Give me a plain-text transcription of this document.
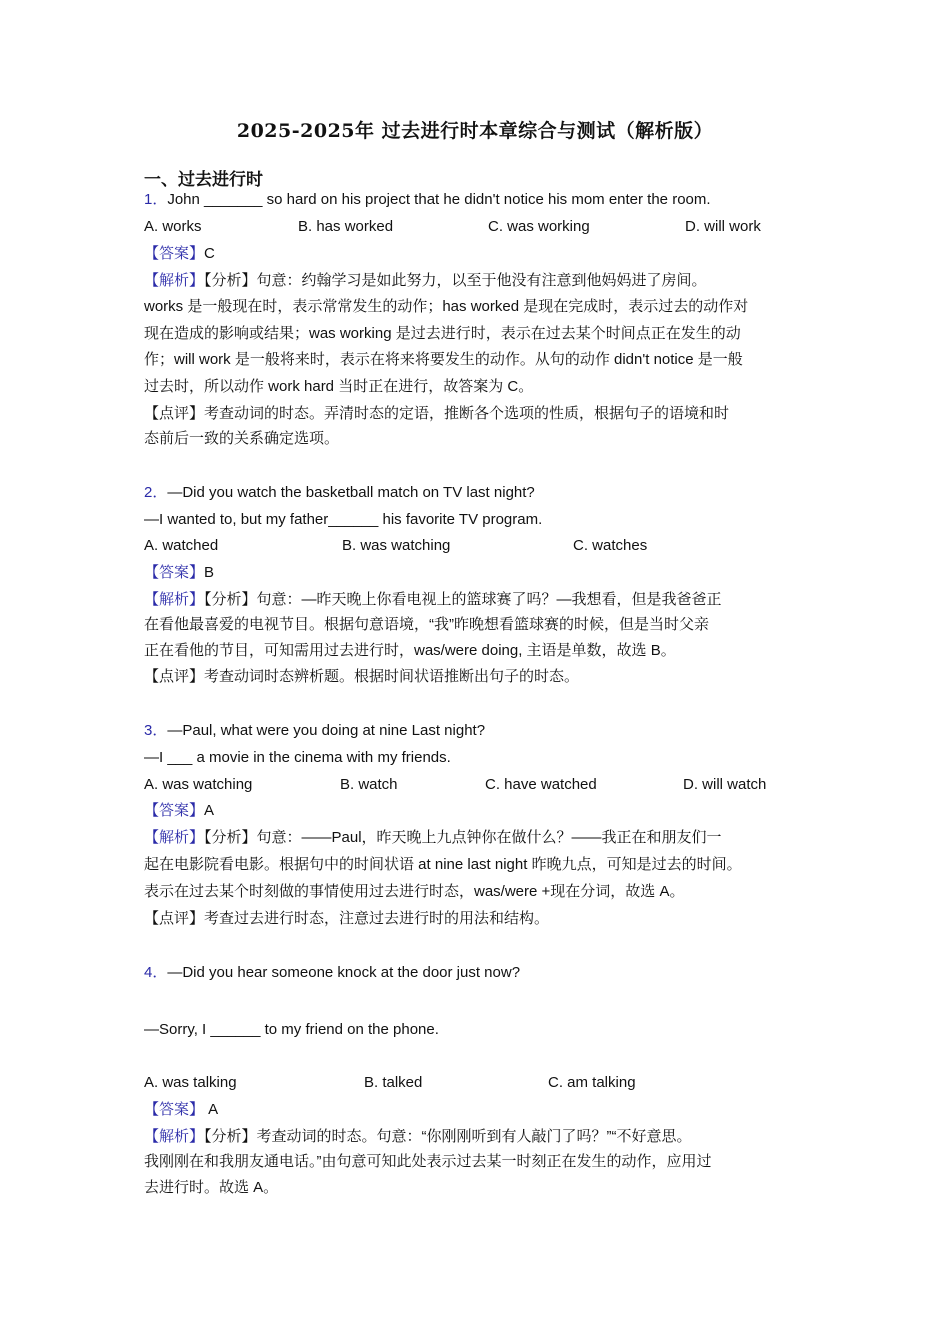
2025-2025年 过去进行时本章综合与测试（解析版）
一、过去进行时
1．John _______ so hard on his project that he didn't notice his mom enter the room.
A. works	B. has worked	C. was working	D. will work
【答案】C
【解析】【分析】句意：约翰学习是如此努力，以至于他没有注意到他妈妈进了房间。
works 是一般现在时，表示常常发生的动作；has worked 是现在完成时，表示过去的动作对
现在造成的影响或结果；was working 是过去进行时，表示在过去某个时间点正在发生的动
作；will work 是一般将来时，表示在将来将要发生的动作。从句的动作 didn't notice 是一般
过去时，所以动作 work hard 当时正在进行，故答案为 C。
【点评】考查动词的时态。弄清时态的定语，推断各个选项的性质，根据句子的语境和时
态前后一致的关系确定选项。
2．—Did you watch the basketball match on TV last night?
—I wanted to, but my father______ his favorite TV program.
A. watched	B. was watching	C. watches
【答案】B
【解析】【分析】句意：—昨天晚上你看电视上的篮球赛了吗？—我想看，但是我爸爸正
在看他最喜爱的电视节目。根据句意语境，“我”昨晚想看篮球赛的时候，但是当时父亲
正在看他的节目，可知需用过去进行时，was/were doing, 主语是单数，故选 B。
【点评】考查动词时态辨析题。根据时间状语推断出句子的时态。
3．—Paul, what were you doing at nine Last night?
—I ___ a movie in the cinema with my friends.
A. was watching	B. watch	C. have watched	D. will watch
【答案】A
【解析】【分析】句意：——Paul，昨天晚上九点钟你在做什么？——我正在和朋友们一
起在电影院看电影。根据句中的时间状语 at nine last night 昨晚九点，可知是过去的时间。
表示在过去某个时刻做的事情使用过去进行时态，was/were +现在分词，故选 A。
【点评】考查过去进行时态，注意过去进行时的用法和结构。
4．—Did you hear someone knock at the door just now?
—Sorry, I ______ to my friend on the phone.
A. was talking	B. talked	C. am talking
【答案】 A
【解析】【分析】考查动词的时态。句意：“你刚刚听到有人敲门了吗？”“不好意思。
我刚刚在和我朋友通电话。”由句意可知此处表示过去某一时刻正在发生的动作，应用过
去进行时。故选 A。
